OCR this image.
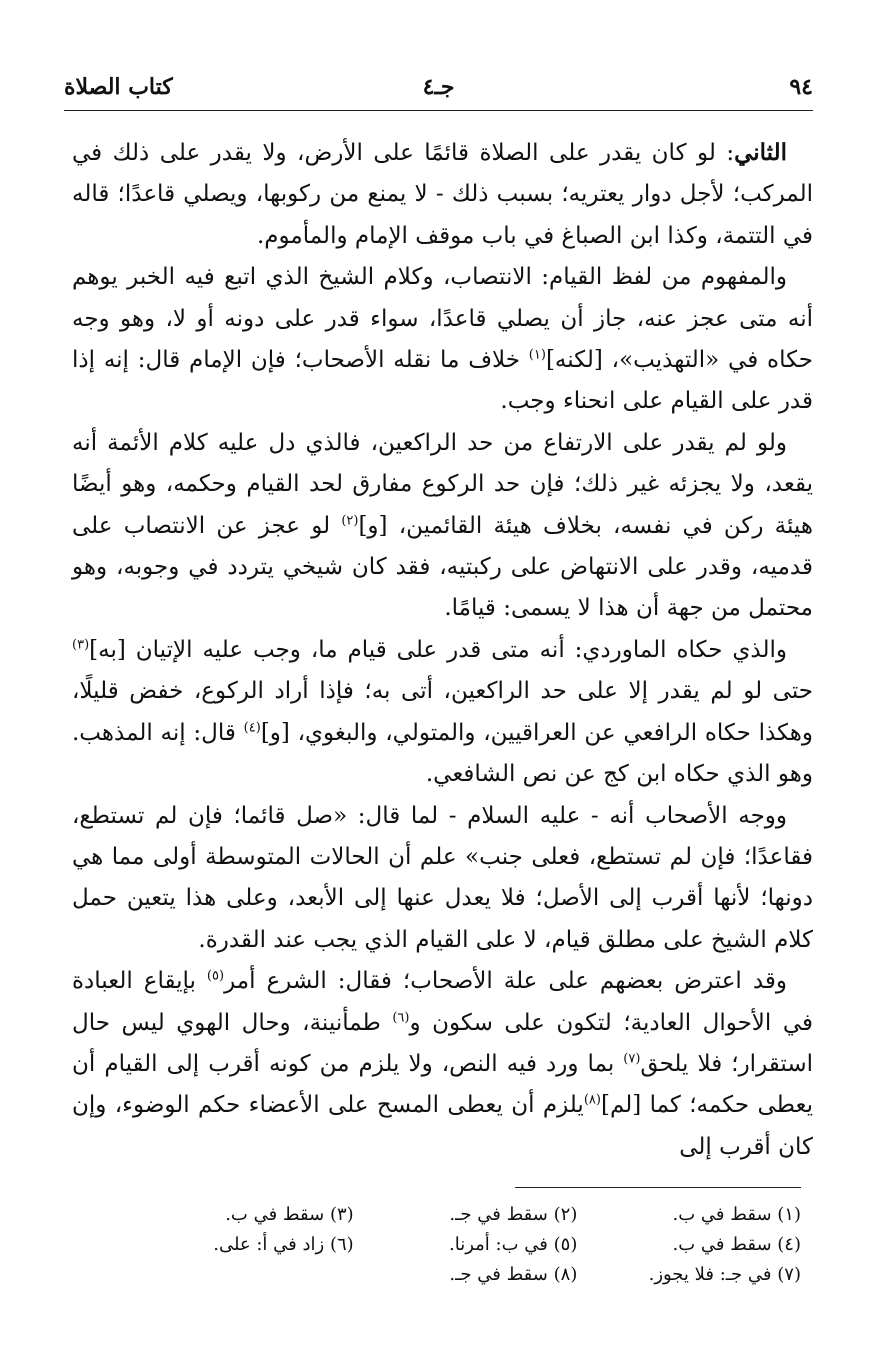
٩٤
جـ٤
كتاب الصلاة

الثاني: لو كان يقدر على الصلاة قائمًا على الأرض، ولا يقدر على ذلك في المركب؛ لأجل دوار يعتريه؛ بسبب ذلك - لا يمنع من ركوبها، ويصلي قاعدًا؛ قاله في التتمة، وكذا ابن الصباغ في باب موقف الإمام والمأموم.

والمفهوم من لفظ القيام: الانتصاب، وكلام الشيخ الذي اتبع فيه الخبر يوهم أنه متى عجز عنه، جاز أن يصلي قاعدًا، سواء قدر على دونه أو لا، وهو وجه حكاه في «التهذيب»، [لكنه]$^{(١)}$ خلاف ما نقله الأصحاب؛ فإن الإمام قال: إنه إذا قدر على القيام على انحناء وجب.

ولو لم يقدر على الارتفاع من حد الراكعين، فالذي دل عليه كلام الأئمة أنه يقعد، ولا يجزئه غير ذلك؛ فإن حد الركوع مفارق لحد القيام وحكمه، وهو أيضًا هيئة ركن في نفسه، بخلاف هيئة القائمين، [و]$^{(٢)}$ لو عجز عن الانتصاب على قدميه، وقدر على الانتهاض على ركبتيه، فقد كان شيخي يتردد في وجوبه، وهو محتمل من جهة أن هذا لا يسمى: قيامًا.

والذي حكاه الماوردي: أنه متى قدر على قيام ما، وجب عليه الإتيان [به]$^{(٣)}$ حتى لو لم يقدر إلا على حد الراكعين، أتى به؛ فإذا أراد الركوع، خفض قليلًا، وهكذا حكاه الرافعي عن العراقيين، والمتولي، والبغوي، [و]$^{(٤)}$ قال: إنه المذهب. وهو الذي حكاه ابن كج عن نص الشافعي.

ووجه الأصحاب أنه - عليه السلام - لما قال: «صل قائما؛ فإن لم تستطع، فقاعدًا؛ فإن لم تستطع، فعلى جنب» علم أن الحالات المتوسطة أولى مما هي دونها؛ لأنها أقرب إلى الأصل؛ فلا يعدل عنها إلى الأبعد، وعلى هذا يتعين حمل كلام الشيخ على مطلق قيام، لا على القيام الذي يجب عند القدرة.

وقد اعترض بعضهم على علة الأصحاب؛ فقال: الشرع أمر$^{(٥)}$ بإيقاع العبادة في الأحوال العادية؛ لتكون على سكون و$^{(٦)}$ طمأنينة، وحال الهوي ليس حال استقرار؛ فلا يلحق$^{(٧)}$ بما ورد فيه النص، ولا يلزم من كونه أقرب إلى القيام أن يعطى حكمه؛ كما [لم]$^{(٨)}$يلزم أن يعطى المسح على الأعضاء حكم الوضوء، وإن كان أقرب إلى

(١) سقط في ب.
(٢) سقط في جـ.
(٣) سقط في ب.
(٤) سقط في ب.
(٥) في ب: أمرنا.
(٦) زاد في أ: على.
(٧) في جـ: فلا يجوز.
(٨) سقط في جـ.
